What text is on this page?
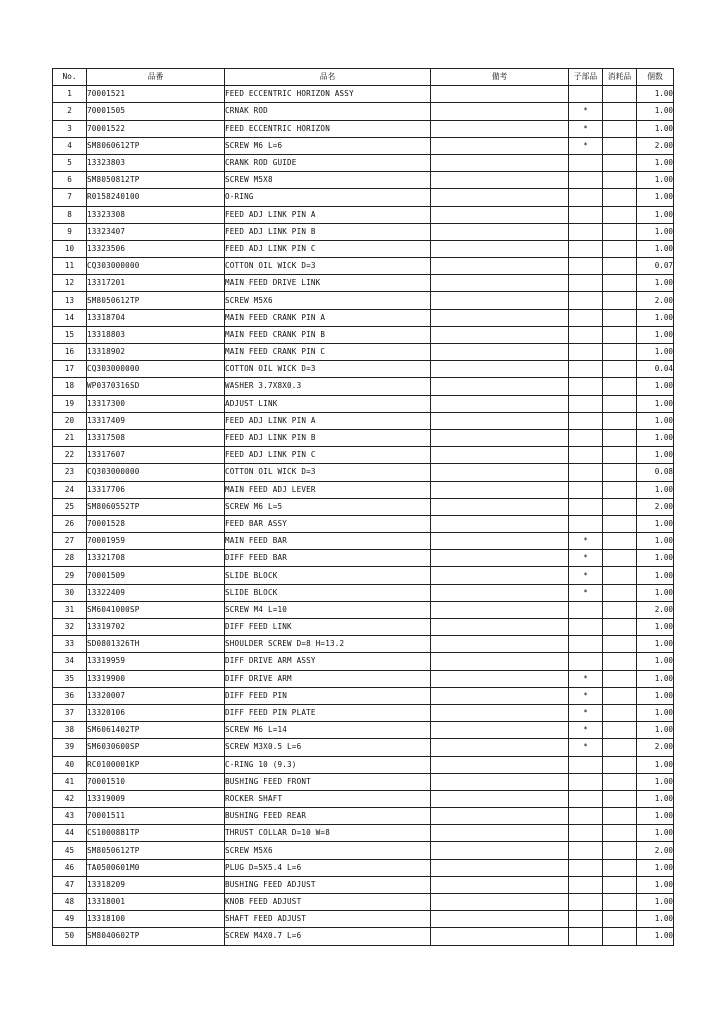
No.	品番	品名	備考	子部品	消耗品	個数
1	70001521	FEED ECCENTRIC HORIZON ASSY				1.00
2	70001505	CRNAK ROD		*		1.00
3	70001522	FEED ECCENTRIC HORIZON		*		1.00
4	SM8060612TP	SCREW M6 L=6		*		2.00
5	13323803	CRANK ROD GUIDE				1.00
6	SM8050812TP	SCREW M5X8				1.00
7	R0158240100	O-RING				1.00
8	13323308	FEED ADJ LINK PIN A				1.00
9	13323407	FEED ADJ LINK PIN B				1.00
10	13323506	FEED ADJ LINK PIN C				1.00
11	CQ303000000	COTTON OIL WICK D=3				0.07
12	13317201	MAIN FEED DRIVE LINK				1.00
13	SM8050612TP	SCREW M5X6				2.00
14	13318704	MAIN FEED CRANK PIN A				1.00
15	13318803	MAIN FEED CRANK PIN B				1.00
16	13318902	MAIN FEED CRANK PIN C				1.00
17	CQ303000000	COTTON OIL WICK D=3				0.04
18	WP0370316SD	WASHER 3.7X8X0.3				1.00
19	13317300	ADJUST LINK				1.00
20	13317409	FEED ADJ LINK PIN A				1.00
21	13317508	FEED ADJ LINK PIN B				1.00
22	13317607	FEED ADJ LINK PIN C				1.00
23	CQ303000000	COTTON OIL WICK D=3				0.08
24	13317706	MAIN FEED ADJ LEVER				1.00
25	SM8060552TP	SCREW M6 L=5				2.00
26	70001528	FEED BAR ASSY				1.00
27	70001959	MAIN FEED BAR		*		1.00
28	13321708	DIFF FEED BAR		*		1.00
29	70001509	SLIDE BLOCK		*		1.00
30	13322409	SLIDE BLOCK		*		1.00
31	SM6041000SP	SCREW M4 L=10				2.00
32	13319702	DIFF FEED LINK				1.00
33	SD0801326TH	SHOULDER SCREW D=8 H=13.2				1.00
34	13319959	DIFF DRIVE ARM ASSY				1.00
35	13319900	DIFF DRIVE ARM		*		1.00
36	13320007	DIFF FEED PIN		*		1.00
37	13320106	DIFF FEED PIN PLATE		*		1.00
38	SM6061402TP	SCREW M6 L=14		*		1.00
39	SM6030600SP	SCREW M3X0.5 L=6		*		2.00
40	RC0100001KP	C-RING 10 (9.3)				1.00
41	70001510	BUSHING FEED FRONT				1.00
42	13319009	ROCKER SHAFT				1.00
43	70001511	BUSHING FEED REAR				1.00
44	CS1000881TP	THRUST COLLAR D=10 W=8				1.00
45	SM8050612TP	SCREW M5X6				2.00
46	TA0500601M0	PLUG D=5X5.4 L=6				1.00
47	13318209	BUSHING FEED ADJUST				1.00
48	13318001	KNOB FEED ADJUST				1.00
49	13318100	SHAFT FEED ADJUST				1.00
50	SM8040602TP	SCREW M4X0.7 L=6				1.00
